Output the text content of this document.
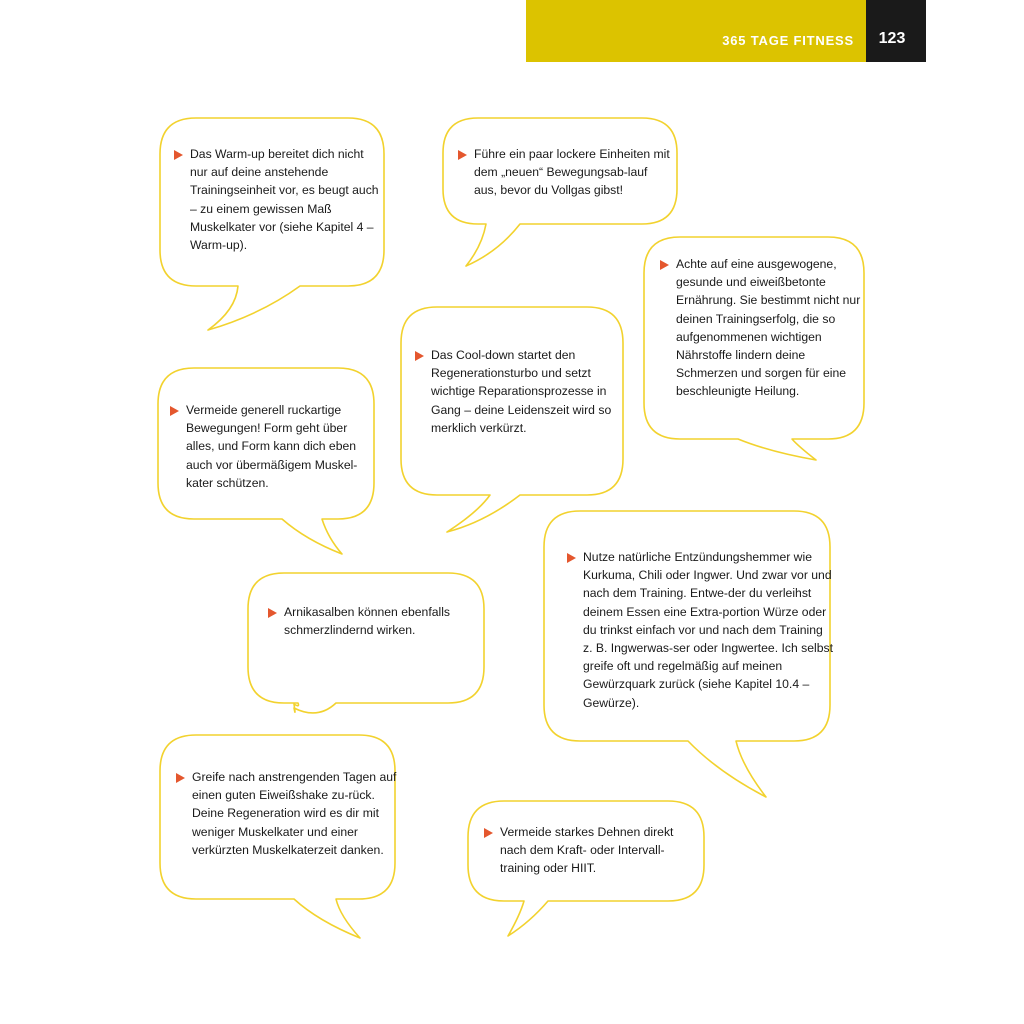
365 TAGE FITNESS	123

Das Warm-up bereitet dich nicht nur auf deine anstehende Trainingseinheit vor, es beugt auch – zu einem gewissen Maß Muskelkater vor (siehe Kapitel 4 – Warm-up).

Führe ein paar lockere Einheiten mit dem „neuen“ Bewegungsab-lauf aus, bevor du Vollgas gibst!

Achte auf eine ausgewogene, gesunde und eiweißbetonte Ernährung. Sie bestimmt nicht nur deinen Trainingserfolg, die so aufgenommenen wichtigen Nährstoffe lindern deine Schmerzen und sorgen für eine beschleunigte Heilung.

Das Cool-down startet den Regenerationsturbo und setzt wichtige Reparationsprozesse in Gang – deine Leidenszeit wird so merklich verkürzt.

Vermeide generell ruckartige Bewegungen! Form geht über alles, und Form kann dich eben auch vor übermäßigem Muskel-kater schützen.

Nutze natürliche Entzündungshemmer wie Kurkuma, Chili oder Ingwer. Und zwar vor und nach dem Training. Entwe-der du verleihst deinem Essen eine Extra-portion Würze oder du trinkst einfach vor und nach dem Training z. B. Ingwerwas-ser oder Ingwertee. Ich selbst greife oft und regelmäßig auf meinen Gewürzquark zurück (siehe Kapitel 10.4 – Gewürze).

Arnikasalben können ebenfalls schmerzlindernd wirken.

Greife nach anstrengenden Tagen auf einen guten Eiweißshake zu-rück. Deine Regeneration wird es dir mit weniger Muskelkater und einer verkürzten Muskelkaterzeit danken.

Vermeide starkes Dehnen direkt nach dem Kraft- oder Intervall-training oder HIIT.
